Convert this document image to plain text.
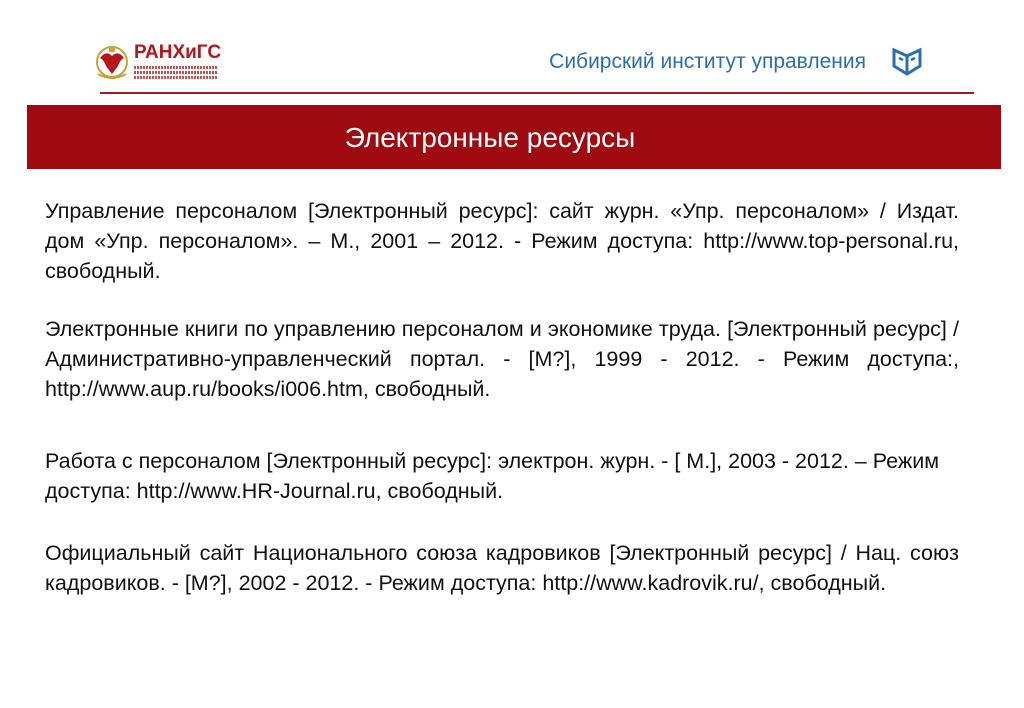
РАНХиГС	Сибирский институт управления
Электронные ресурсы

Управление персоналом [Электронный ресурс]: сайт журн. «Упр. персоналом» / Издат. дом «Упр. персоналом». – М., 2001 – 2012. - Режим доступа: http://www.top-personal.ru, свободный.

Электронные книги по управлению персоналом и экономике труда. [Электронный ресурс] / Административно-управленческий портал. - [М?], 1999 - 2012. - Режим доступа:, http://www.aup.ru/books/i006.htm, свободный.

Работа с персоналом [Электронный ресурс]: электрон. журн. - [ М.], 2003 - 2012. – Режим доступа: http://www.HR-Journal.ru, свободный.

Официальный сайт Национального союза кадровиков [Электронный ресурс] / Нац. союз кадровиков. - [М?], 2002 - 2012. - Режим доступа: http://www.kadrovik.ru/, свободный.
